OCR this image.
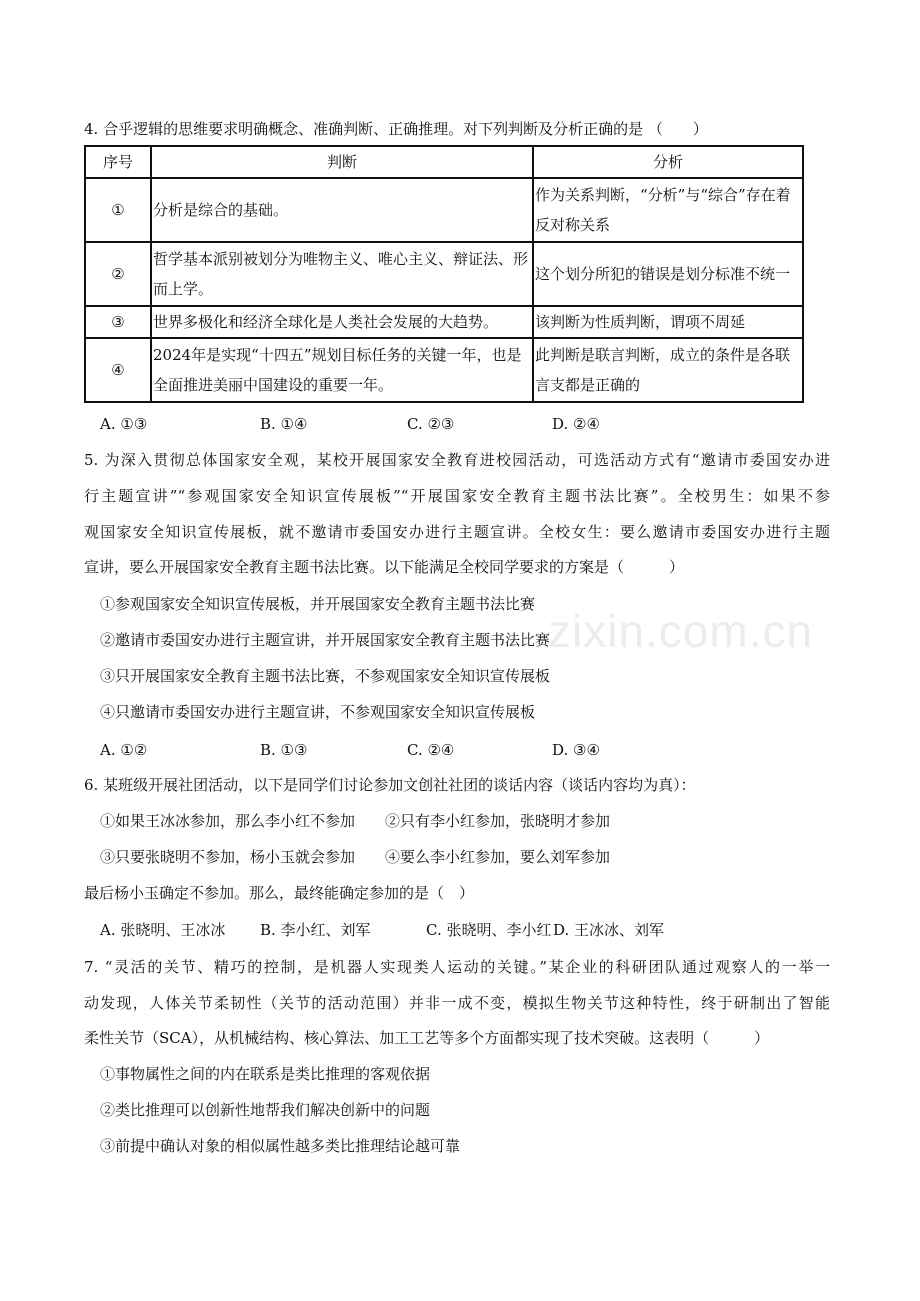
zixin.com.cn
4. 合乎逻辑的思维要求明确概念、准确判断、正确推理。对下列判断及分析正确的是 （　　）
序号	判断	分析
①	分析是综合的基础。	作为关系判断，“分析”与“综合”存在着反对称关系
②	哲学基本派别被划分为唯物主义、唯心主义、辩证法、形而上学。	这个划分所犯的错误是划分标准不统一
③	世界多极化和经济全球化是人类社会发展的大趋势。	该判断为性质判断，谓项不周延
④	2024年是实现“十四五”规划目标任务的关键一年，也是全面推进美丽中国建设的重要一年。	此判断是联言判断，成立的条件是各联言支都是正确的
A. ①③	B. ①④	C. ②③	D. ②④
5. 为深入贯彻总体国家安全观，某校开展国家安全教育进校园活动，可选活动方式有“邀请市委国安办进
行主题宣讲”“参观国家安全知识宣传展板”“开展国家安全教育主题书法比赛”。全校男生：如果不参
观国家安全知识宣传展板，就不邀请市委国安办进行主题宣讲。全校女生：要么邀请市委国安办进行主题
宣讲，要么开展国家安全教育主题书法比赛。以下能满足全校同学要求的方案是（　　　）
①参观国家安全知识宣传展板，并开展国家安全教育主题书法比赛
②邀请市委国安办进行主题宣讲，并开展国家安全教育主题书法比赛
③只开展国家安全教育主题书法比赛，不参观国家安全知识宣传展板
④只邀请市委国安办进行主题宣讲，不参观国家安全知识宣传展板
A. ①②	B. ①③	C. ②④	D. ③④
6. 某班级开展社团活动，以下是同学们讨论参加文创社社团的谈话内容（谈话内容均为真）：
①如果王冰冰参加，那么李小红不参加　　②只有李小红参加，张晓明才参加
③只要张晓明不参加，杨小玉就会参加　　④要么李小红参加，要么刘军参加
最后杨小玉确定不参加。那么，最终能确定参加的是（　）
A. 张晓明、王冰冰 B. 李小红、刘军	C. 张晓明、李小红 D. 王冰冰、刘军
7. “灵活的关节、精巧的控制，是机器人实现类人运动的关键。”某企业的科研团队通过观察人的一举一
动发现，人体关节柔韧性（关节的活动范围）并非一成不变，模拟生物关节这种特性，终于研制出了智能
柔性关节（SCA），从机械结构、核心算法、加工工艺等多个方面都实现了技术突破。这表明（　　　）
①事物属性之间的内在联系是类比推理的客观依据
②类比推理可以创新性地帮我们解决创新中的问题
③前提中确认对象的相似属性越多类比推理结论越可靠
